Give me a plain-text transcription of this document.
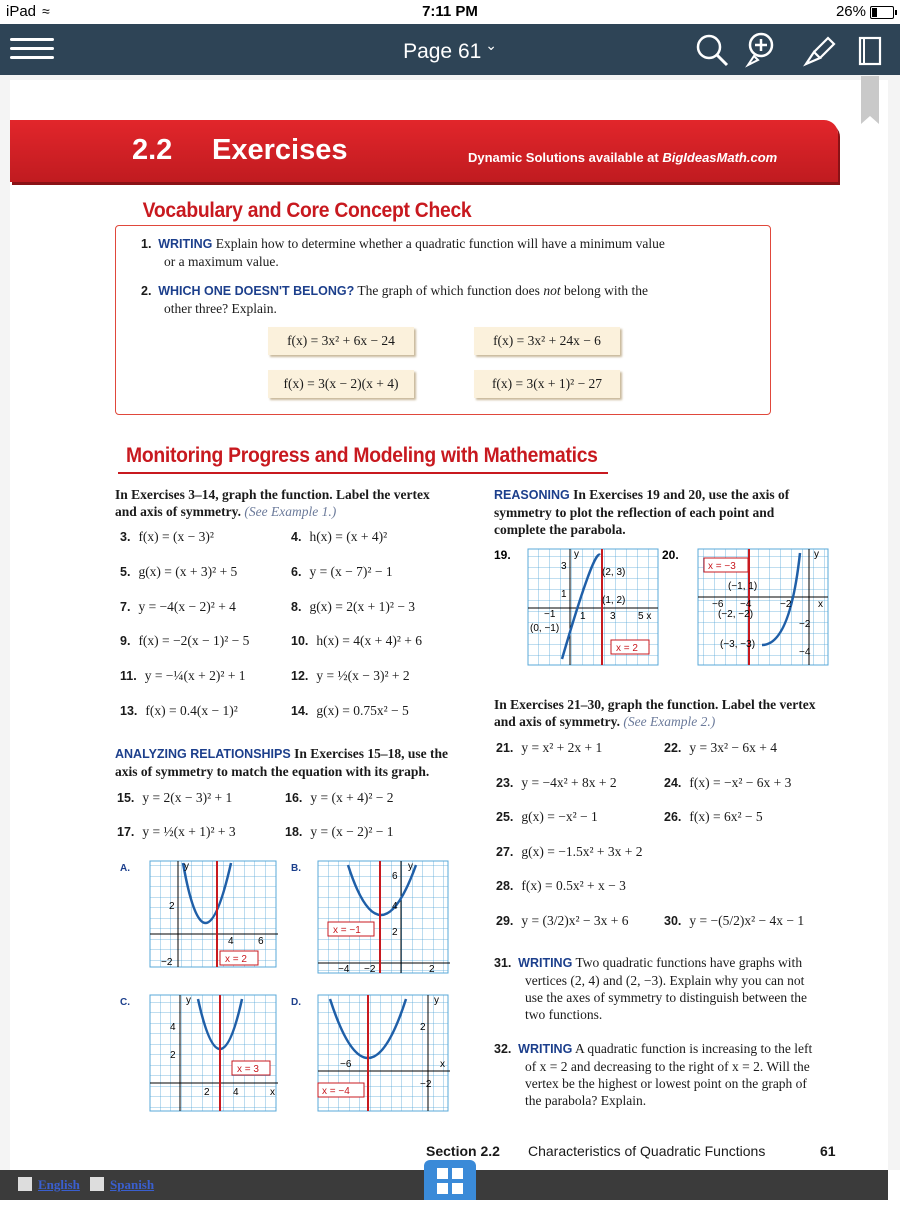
iPad ≈	7:11 PM	26%
Page 61 ⌄
2.2 Exercises	Dynamic Solutions available at BigIdeasMath.com
Vocabulary and Core Concept Check
1. WRITING Explain how to determine whether a quadratic function will have a minimum value
or a maximum value.
2. WHICH ONE DOESN'T BELONG? The graph of which function does not belong with the
other three? Explain.
f(x) = 3x² + 6x − 24	f(x) = 3x² + 24x − 6
f(x) = 3(x − 2)(x + 4)	f(x) = 3(x + 1)² − 27
Monitoring Progress and Modeling with Mathematics
In Exercises 3–14, graph the function. Label the vertex
and axis of symmetry. (See Example 1.)
ANALYZING RELATIONSHIPS In Exercises 15–18, use the
axis of symmetry to match the equation with its graph.
A.	y
2
4 6
−2	x = 2
B.	y
6
4
2
−4 −2	2
x = −1
C.	y
4
2
2 4	x
x = 3
D.	y
2
−6
−2
x
x = −4
REASONING In Exercises 19 and 20, use the axis of
symmetry to plot the reflection of each point and
complete the parabola.
19.	y
(2, 3)
(1, 2)
(0, −1)
3
1
−1 1 3 5 x
x = 2
20.	y
x = −3
(−1, 1)
(−2, −2)
(−3, −3)
−6 −4	−2	x
−2
−4
In Exercises 21–30, graph the function. Label the vertex
and axis of symmetry. (See Example 2.)
31. WRITING Two quadratic functions have graphs with
vertices (2, 4) and (2, −3). Explain why you can not
use the axes of symmetry to distinguish between the
two functions.
32. WRITING A quadratic function is increasing to the left
of x = 2 and decreasing to the right of x = 2. Will the
vertex be the highest or lowest point on the graph of
the parabola? Explain.
Section 2.2 Characteristics of Quadratic Functions	61
English Spanish
3. f(x) = (x − 3)²	4. h(x) = (x + 4)²
5. g(x) = (x + 3)² + 5	6. y = (x − 7)² − 1
7. y = −4(x − 2)² + 4	8. g(x) = 2(x + 1)² − 3
9. f(x) = −2(x − 1)² − 5	10. h(x) = 4(x + 4)² + 6
11. y = −¼(x + 2)² + 1	12. y = ½(x − 3)² + 2
13. f(x) = 0.4(x − 1)²	14. g(x) = 0.75x² − 5
15. y = 2(x − 3)² + 1	16. y = (x + 4)² − 2
17. y = ½(x + 1)² + 3	18. y = (x − 2)² − 1
21. y = x² + 2x + 1	22. y = 3x² − 6x + 4
23. y = −4x² + 8x + 2	24. f(x) = −x² − 6x + 3
25. g(x) = −x² − 1	26. f(x) = 6x² − 5
27. g(x) = −1.5x² + 3x + 2
28. f(x) = 0.5x² + x − 3
29. y = (3/2)x² − 3x + 6	30. y = −(5/2)x² − 4x − 1
